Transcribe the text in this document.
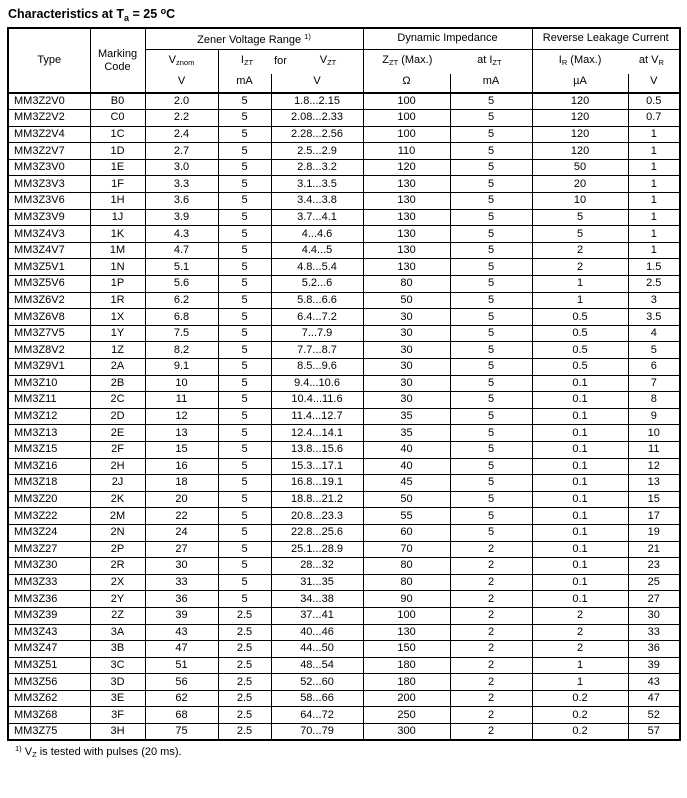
Characteristics at $T_a = 25$ $^o$C
Type	Marking Code	Zener Voltage Range $^{1)}$			Dynamic Impedance		Reverse Leakage Current	
		$V_{znom}$	$I_{ZT}$ for $V_{ZT}$		$Z_{ZT}$ (Max.) at $I_{ZT}$		$I_R$ (Max.) at $V_R$

		V	mA	V	Ω	mA	µA	V
MM3Z2V0	B0	2.0	5	1.8...2.15	100	5	120	0.5
MM3Z2V2	C0	2.2	5	2.08...2.33	100	5	120	0.7
MM3Z2V4	1C	2.4	5	2.28...2.56	100	5	120	1
MM3Z2V7	1D	2.7	5	2.5...2.9	110	5	120	1
MM3Z3V0	1E	3.0	5	2.8...3.2	120	5	50	1
MM3Z3V3	1F	3.3	5	3.1...3.5	130	5	20	1
MM3Z3V6	1H	3.6	5	3.4...3.8	130	5	10	1
MM3Z3V9	1J	3.9	5	3.7...4.1	130	5	5	1
MM3Z4V3	1K	4.3	5	4...4.6	130	5	5	1
MM3Z4V7	1M	4.7	5	4.4...5	130	5	2	1
MM3Z5V1	1N	5.1	5	4.8...5.4	130	5	2	1.5
MM3Z5V6	1P	5.6	5	5.2...6	80	5	1	2.5
MM3Z6V2	1R	6.2	5	5.8...6.6	50	5	1	3
MM3Z6V8	1X	6.8	5	6.4...7.2	30	5	0.5	3.5
MM3Z7V5	1Y	7.5	5	7...7.9	30	5	0.5	4
MM3Z8V2	1Z	8.2	5	7.7...8.7	30	5	0.5	5
MM3Z9V1	2A	9.1	5	8.5...9.6	30	5	0.5	6
MM3Z10	2B	10	5	9.4...10.6	30	5	0.1	7
MM3Z11	2C	11	5	10.4...11.6	30	5	0.1	8
MM3Z12	2D	12	5	11.4...12.7	35	5	0.1	9
MM3Z13	2E	13	5	12.4...14.1	35	5	0.1	10
MM3Z15	2F	15	5	13.8...15.6	40	5	0.1	11
MM3Z16	2H	16	5	15.3...17.1	40	5	0.1	12
MM3Z18	2J	18	5	16.8...19.1	45	5	0.1	13
MM3Z20	2K	20	5	18.8...21.2	50	5	0.1	15
MM3Z22	2M	22	5	20.8...23.3	55	5	0.1	17
MM3Z24	2N	24	5	22.8...25.6	60	5	0.1	19
MM3Z27	2P	27	5	25.1...28.9	70	2	0.1	21
MM3Z30	2R	30	5	28...32	80	2	0.1	23
MM3Z33	2X	33	5	31...35	80	2	0.1	25
MM3Z36	2Y	36	5	34...38	90	2	0.1	27
MM3Z39	2Z	39	2.5	37...41	100	2	2	30
MM3Z43	3A	43	2.5	40...46	130	2	2	33
MM3Z47	3B	47	2.5	44...50	150	2	2	36
MM3Z51	3C	51	2.5	48...54	180	2	1	39
MM3Z56	3D	56	2.5	52...60	180	2	1	43
MM3Z62	3E	62	2.5	58...66	200	2	0.2	47
MM3Z68	3F	68	2.5	64...72	250	2	0.2	52
MM3Z75	3H	75	2.5	70...79	300	2	0.2	57
$^{1)}$ $V_Z$ is tested with pulses (20 ms).
